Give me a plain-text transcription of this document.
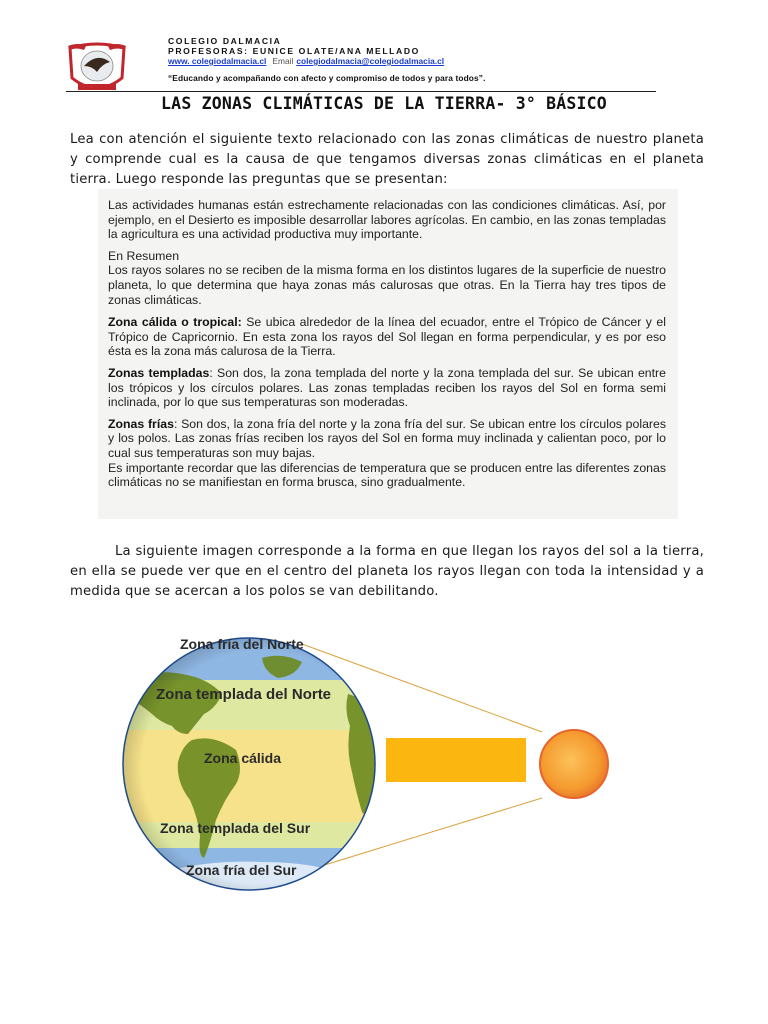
COLEGIO DALMACIA
PROFESORAS: EUNICE OLATE/ANA MELLADO
www. colegiodalmacia.cl Email colegiodalmacia@colegiodalmacia.cl
“Educando y acompañando con afecto y compromiso de todos y para todos”.
LAS ZONAS CLIMÁTICAS DE LA TIERRA- 3° BÁSICO
Lea con atención el siguiente texto relacionado con las zonas climáticas de nuestro planeta y comprende cual es la causa de que tengamos diversas zonas climáticas en el planeta tierra. Luego responde las preguntas que se presentan:

Las actividades humanas están estrechamente relacionadas con las condiciones climáticas. Así, por ejemplo, en el Desierto es imposible desarrollar labores agrícolas. En cambio, en las zonas templadas la agricultura es una actividad productiva muy importante.

En Resumen
Los rayos solares no se reciben de la misma forma en los distintos lugares de la superficie de nuestro planeta, lo que determina que haya zonas más calurosas que otras. En la Tierra hay tres tipos de zonas climáticas.

Zona cálida o tropical: Se ubica alrededor de la línea del ecuador, entre el Trópico de Cáncer y el Trópico de Capricornio. En esta zona los rayos del Sol llegan en forma perpendicular, y es por eso ésta es la zona más calurosa de la Tierra.

Zonas templadas: Son dos, la zona templada del norte y la zona templada del sur. Se ubican entre los trópicos y los círculos polares. Las zonas templadas reciben los rayos del Sol en forma semi inclinada, por lo que sus temperaturas son moderadas.

Zonas frías: Son dos, la zona fría del norte y la zona fría del sur. Se ubican entre los círculos polares y los polos. Las zonas frías reciben los rayos del Sol en forma muy inclinada y calientan poco, por lo cual sus temperaturas son muy bajas.
Es importante recordar que las diferencias de temperatura que se producen entre las diferentes zonas climáticas no se manifiestan en forma brusca, sino gradualmente.

La siguiente imagen corresponde a la forma en que llegan los rayos del sol a la tierra, en ella se puede ver que en el centro del planeta los rayos llegan con toda la intensidad y a medida que se acercan a los polos se van debilitando.
Zona fría del Norte
Zona templada del Norte
Zona cálida
Zona templada del Sur
Zona fría del Sur
